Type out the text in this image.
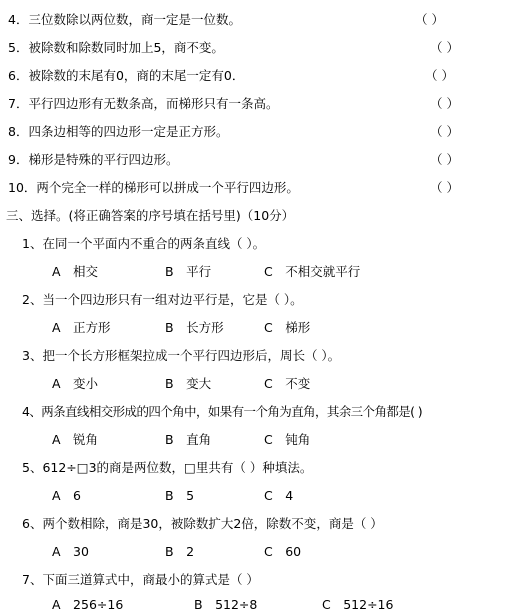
4．三位数除以两位数，商一定是一位数。	（ ）
5．被除数和除数同时加上5，商不变。	（ ）
6．被除数的末尾有0，商的末尾一定有0．	（ ）
7．平行四边形有无数条高，而梯形只有一条高。	（ ）
8．四条边相等的四边形一定是正方形。	（ ）
9．梯形是特殊的平行四边形。	（ ）
10．两个完全一样的梯形可以拼成一个平行四边形。	（ ）
三、选择。(将正确答案的序号填在括号里)（10分）
1、在同一个平面内不重合的两条直线（ ）。
A　相交	B　平行	C　不相交就平行
2、当一个四边形只有一组对边平行是，它是（ ）。
A　正方形	B　长方形	C　梯形
3、把一个长方形框架拉成一个平行四边形后，周长（ ）。
A　变小	B　变大	C　不变
4、两条直线相交形成的四个角中，如果有一个角为直角，其余三个角都是( )
A　锐角	B　直角	C　钝角
5、612÷□3的商是两位数，□里共有（ ）种填法。
A　6	B　5	C　4
6、两个数相除，商是30，被除数扩大2倍，除数不变，商是（ ）
A　30	B　2	C　60
7、下面三道算式中，商最小的算式是（ ）
A　256÷16	B　512÷8	C　512÷16
